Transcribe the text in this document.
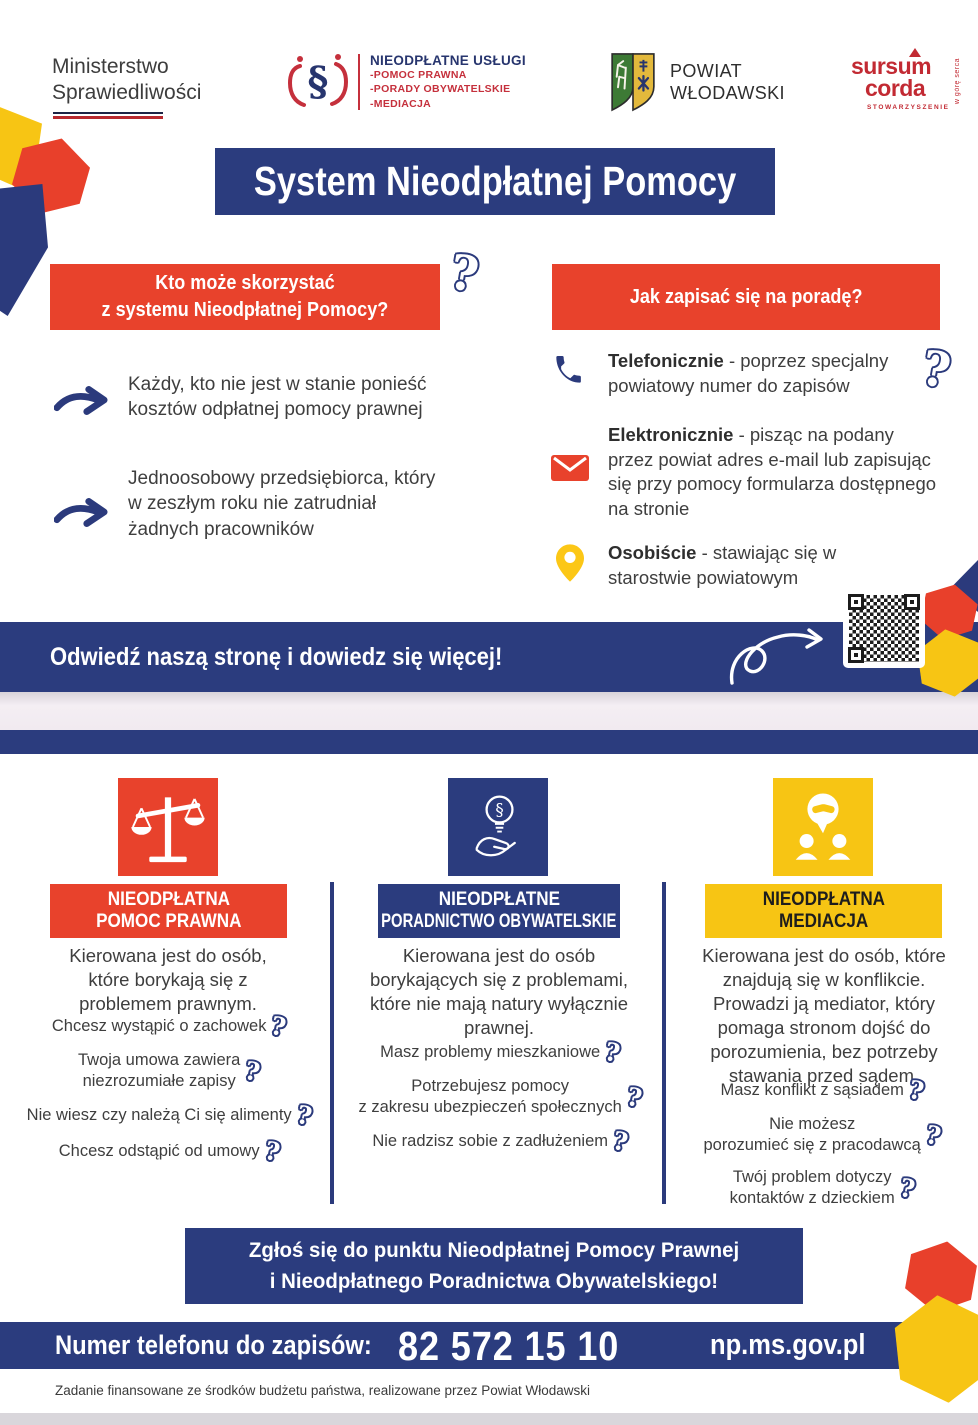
Ministerstwo
Sprawiedliwości	§	NIEODPŁATNE USŁUGI
-POMOC PRAWNA
-PORADY OBYWATELSKIE
-MEDIACJA
POWIAT
WŁODAWSKI
sursum
corda
STOWARZYSZENIE
w górę serca
System Nieodpłatnej Pomocy
Kto może skorzystać
z systemu Nieodpłatnej Pomocy?
?
Każdy, kto nie jest w stanie ponieść kosztów odpłatnej pomocy prawnej
Jednoosobowy przedsiębiorca, który w zeszłym roku nie zatrudniał żadnych pracowników
Jak zapisać się na poradę?
Telefonicznie - poprzez specjalny powiatowy numer do zapisów
?
Elektronicznie - pisząc na podany przez powiat adres e-mail lub zapisując się przy pomocy formularza dostępnego na stronie
Osobiście - stawiając się w starostwie powiatowym
Odwiedź naszą stronę i dowiedz się więcej!
§
NIEODPŁATNA
POMOC PRAWNA
NIEODPŁATNE
PORADNICTWO OBYWATELSKIE
NIEODPŁATNA
MEDIACJA
Kierowana jest do osób, które borykają się z problemem prawnym.
Kierowana jest do osób borykających się z problemami, które nie mają natury wyłącznie prawnej.
Kierowana jest do osób, które znajdują się w konflikcie. Prowadzi ją mediator, który pomaga stronom dojść do porozumienia, bez potrzeby stawania przed sądem.
Chcesz wystąpić o zachowek
?
Twoja umowa zawiera
niezrozumiałe zapisy
?
Nie wiesz czy należą Ci się alimenty
?
Chcesz odstąpić od umowy
?
Masz problemy mieszkaniowe
?
Potrzebujesz pomocy
z zakresu ubezpieczeń społecznych
?
Nie radzisz sobie z zadłużeniem
?
Masz konflikt z sąsiadem
?
Nie możesz
porozumieć się z pracodawcą
?
Twój problem dotyczy
kontaktów z dzieckiem
?
Zgłoś się do punktu Nieodpłatnej Pomocy Prawnej
i Nieodpłatnego Poradnictwa Obywatelskiego!
Numer telefonu do zapisów: 82 572 15 10	np.ms.gov.pl
Zadanie finansowane ze środków budżetu państwa, realizowane przez Powiat Włodawski
